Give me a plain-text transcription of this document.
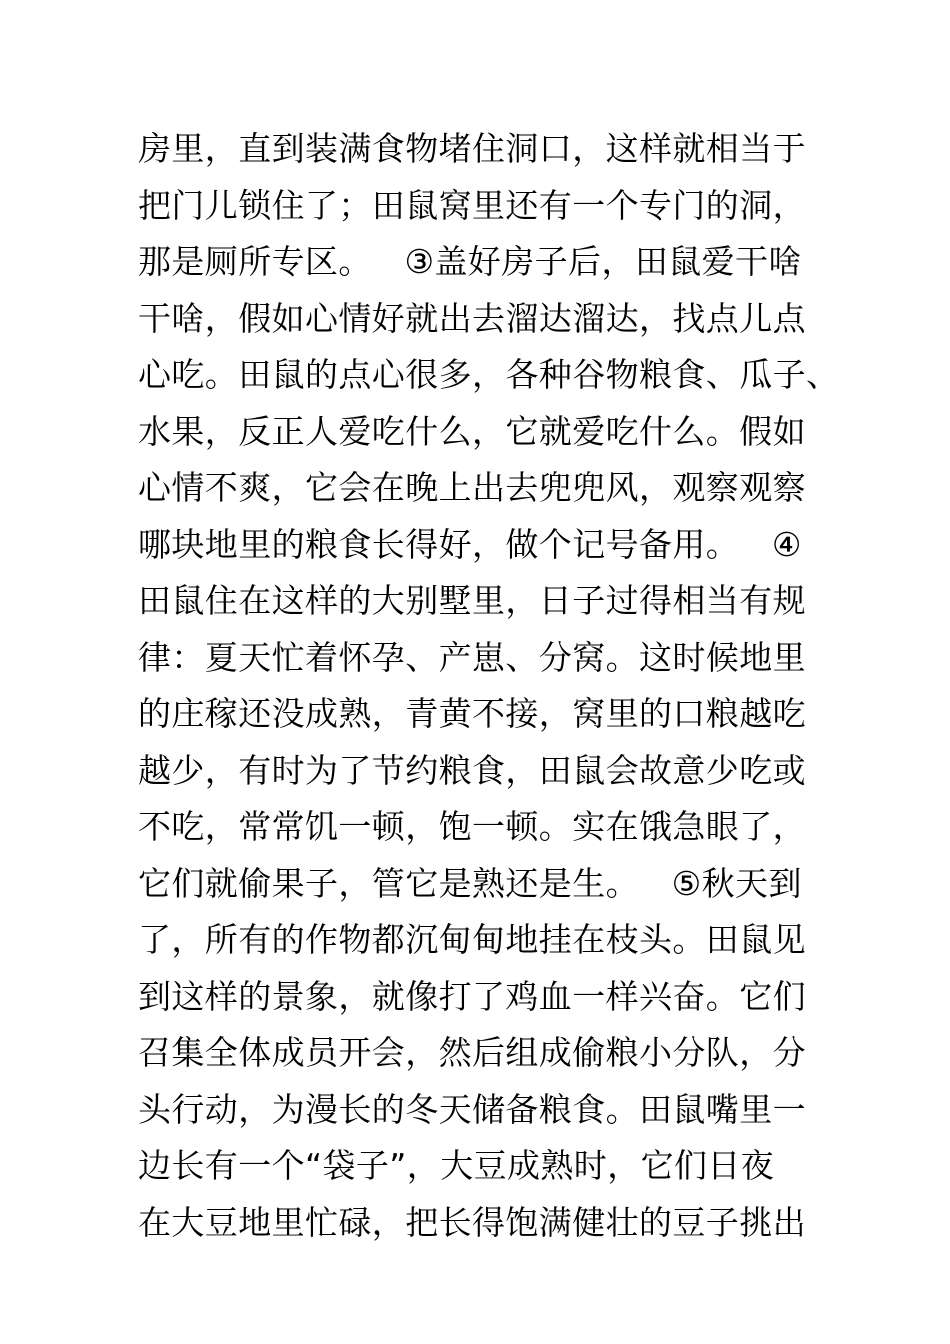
房里，直到装满食物堵住洞口，这样就相当于
把门儿锁住了；田鼠窝里还有一个专门的洞，
那是厕所专区。   ③盖好房子后，田鼠爱干啥
干啥，假如心情好就出去溜达溜达，找点儿点
心吃。田鼠的点心很多，各种谷物粮食、瓜子、
水果，反正人爱吃什么，它就爱吃什么。假如
心情不爽，它会在晚上出去兜兜风，观察观察
哪块地里的粮食长得好，做个记号备用。   ④
田鼠住在这样的大别墅里，日子过得相当有规
律：夏天忙着怀孕、产崽、分窝。这时候地里
的庄稼还没成熟，青黄不接，窝里的口粮越吃
越少，有时为了节约粮食，田鼠会故意少吃或
不吃，常常饥一顿，饱一顿。实在饿急眼了，
它们就偷果子，管它是熟还是生。   ⑤秋天到
了，所有的作物都沉甸甸地挂在枝头。田鼠见
到这样的景象，就像打了鸡血一样兴奋。它们
召集全体成员开会，然后组成偷粮小分队，分
头行动，为漫长的冬天储备粮食。田鼠嘴里一
边长有一个“袋子”，大豆成熟时，它们日夜
在大豆地里忙碌，把长得饱满健壮的豆子挑出
